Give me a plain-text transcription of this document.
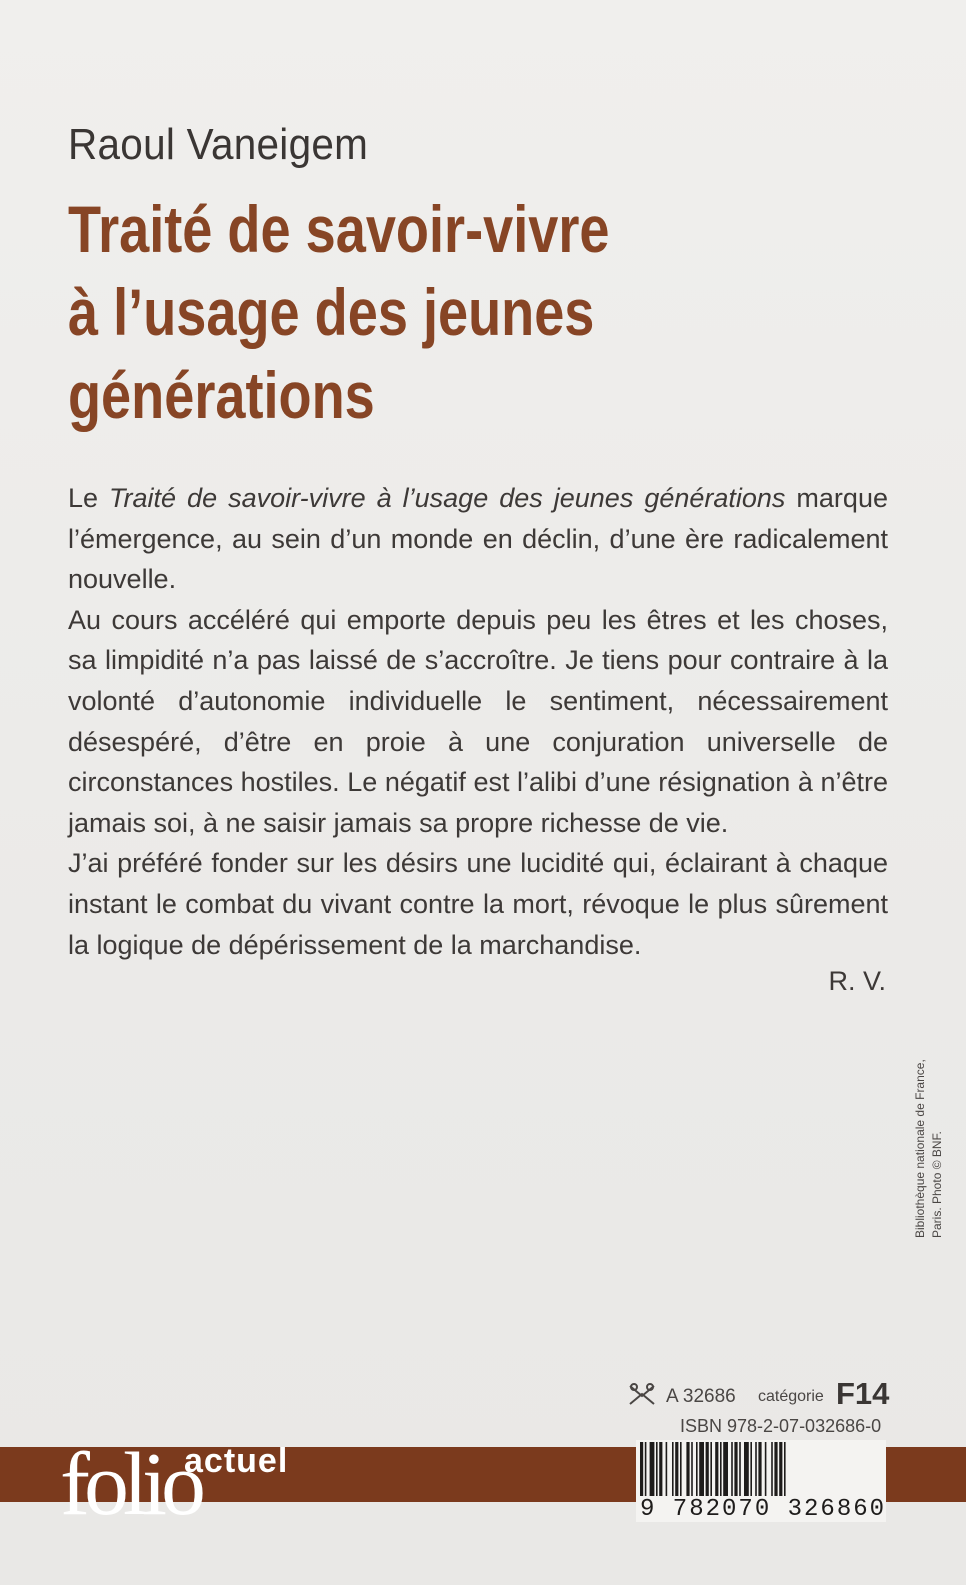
Raoul Vaneigem
Traité de savoir-vivre
à l’usage des jeunes
générations

Le Traité de savoir-vivre à l’usage des jeunes générations marque l’émergence, au sein d’un monde en déclin, d’une ère radicalement nouvelle.

Au cours accéléré qui emporte depuis peu les êtres et les choses, sa limpidité n’a pas laissé de s’accroître. Je tiens pour contraire à la volonté d’autonomie individuelle le sentiment, nécessairement désespéré, d’être en proie à une conjuration universelle de circonstances hostiles. Le négatif est l’alibi d’une résignation à n’être jamais soi, à ne saisir jamais sa propre richesse de vie.

J’ai préféré fonder sur les désirs une lucidité qui, éclairant à chaque instant le combat du vivant contre la mort, révoque le plus sûrement la logique de dépérissement de la marchandise.

R. V.
Bibliothèque nationale de France, Paris. Photo © BNF.
A 32686 catégorie F14
ISBN 978-2-07-032686-0
folio
actuel
9 782070 326860
